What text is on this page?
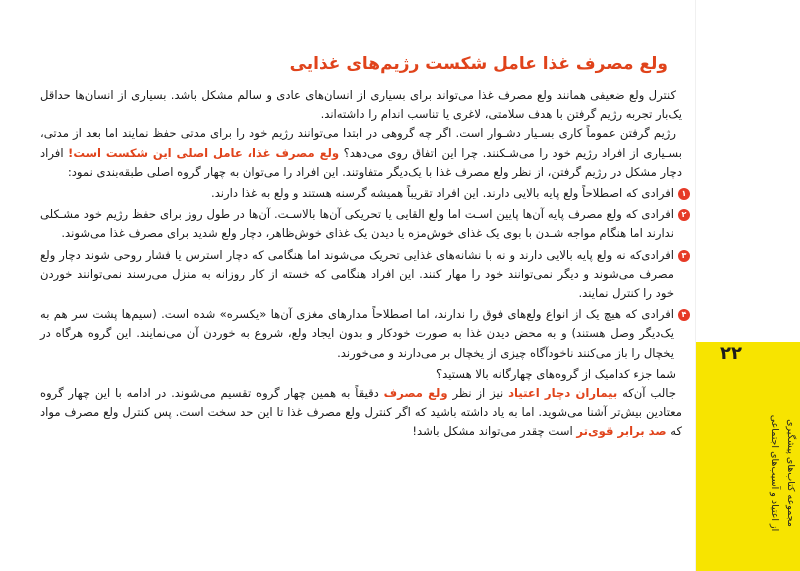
ولع مصرف غذا عامل شکست رژیم‌های غذایی

کنترل ولع ضعیفی همانند ولع مصرف غذا می‌تواند برای بسیاری از انسان‌های عادی و سالم مشکل باشد. بسیاری از انسان‌ها حداقل یک‌بار تجربه رژیم گرفتن با هدف سلامتی، لاغری یا تناسب اندام را داشته‌اند.

رژیم گرفتن عموماً کاری بسـیار دشـوار است. اگر چه گروهی در ابتدا می‌توانند رژیم خود را برای مدتی حفظ نمایند اما بعد از مدتی، بسـیاری از افراد رژیم خود را می‌شـکنند. چرا این اتفاق روی می‌دهد؟ ولع مصرف غذا، عامل اصلی این شکست است! افراد دچار مشکل در رژیم گرفتن، از نظر ولع مصرف غذا با یک‌دیگر متفاوتند. این افراد را می‌توان به چهار گروه اصلی طبقه‌بندی نمود:

۱
افرادی که اصطلاحاً ولع پایه بالایی دارند. این افراد تقریباً همیشه گرسنه هستند و ولع به غذا دارند.
۲
افرادی که ولع مصرف پایه آن‌ها پایین اسـت اما ولع القایی یا تحریکی آن‌ها بالاسـت. آن‌ها در طول روز برای حفظ رژیم خود مشـکلی ندارند اما هنگام مواجه شـدن با بوی یک غذای خوش‌مزه یا دیدن یک غذای خوش‌ظاهر، دچار ولع شدید برای مصرف غذا می‌شوند.
۳
افرادی‌که نه ولع پایه بالایی دارند و نه با نشانه‌های غذایی تحریک می‌شوند اما هنگامی که دچار استرس یا فشار روحی شوند دچار ولع مصرف می‌شوند و دیگر نمی‌توانند خود را مهار کنند. این افراد هنگامی که خسته از کار روزانه به منزل می‌رسند نمی‌توانند خوردن خود را کنترل نمایند.
۴
افرادی که هیچ یک از انواع ولع‌های فوق را ندارند، اما اصطلاحاً مدارهای مغزی آن‌ها «یکسره» شده است. (سیم‌ها پشت سر هم به یک‌دیگر وصل هستند) و به محض دیدن غذا به صورت خودکار و بدون ایجاد ولع، شروع به خوردن آن می‌نمایند. این گروه هرگاه در یخچال را باز می‌کنند ناخودآگاه چیزی از یخچال بر می‌دارند و می‌خورند.

شما جزء کدامیک از گروه‌های چهارگانه بالا هستید؟

جالب آن‌که بیماران دچار اعتیاد نیز از نظر ولع مصرف دقیقاً به همین چهار گروه تقسیم می‌شوند. در ادامه با این چهار گروه معتادین بیش‌تر آشنا می‌شوید. اما به یاد داشته باشید که اگر کنترل ولع مصرف غذا تا این حد سخت است. پس کنترل ولع مصرف مواد که صد برابر قوی‌تر است چقدر می‌تواند مشکل باشد!

۲۲
مجموعه کتاب‌های پیشگیری
از اعتیاد و آسیب‌های اجتماعی
